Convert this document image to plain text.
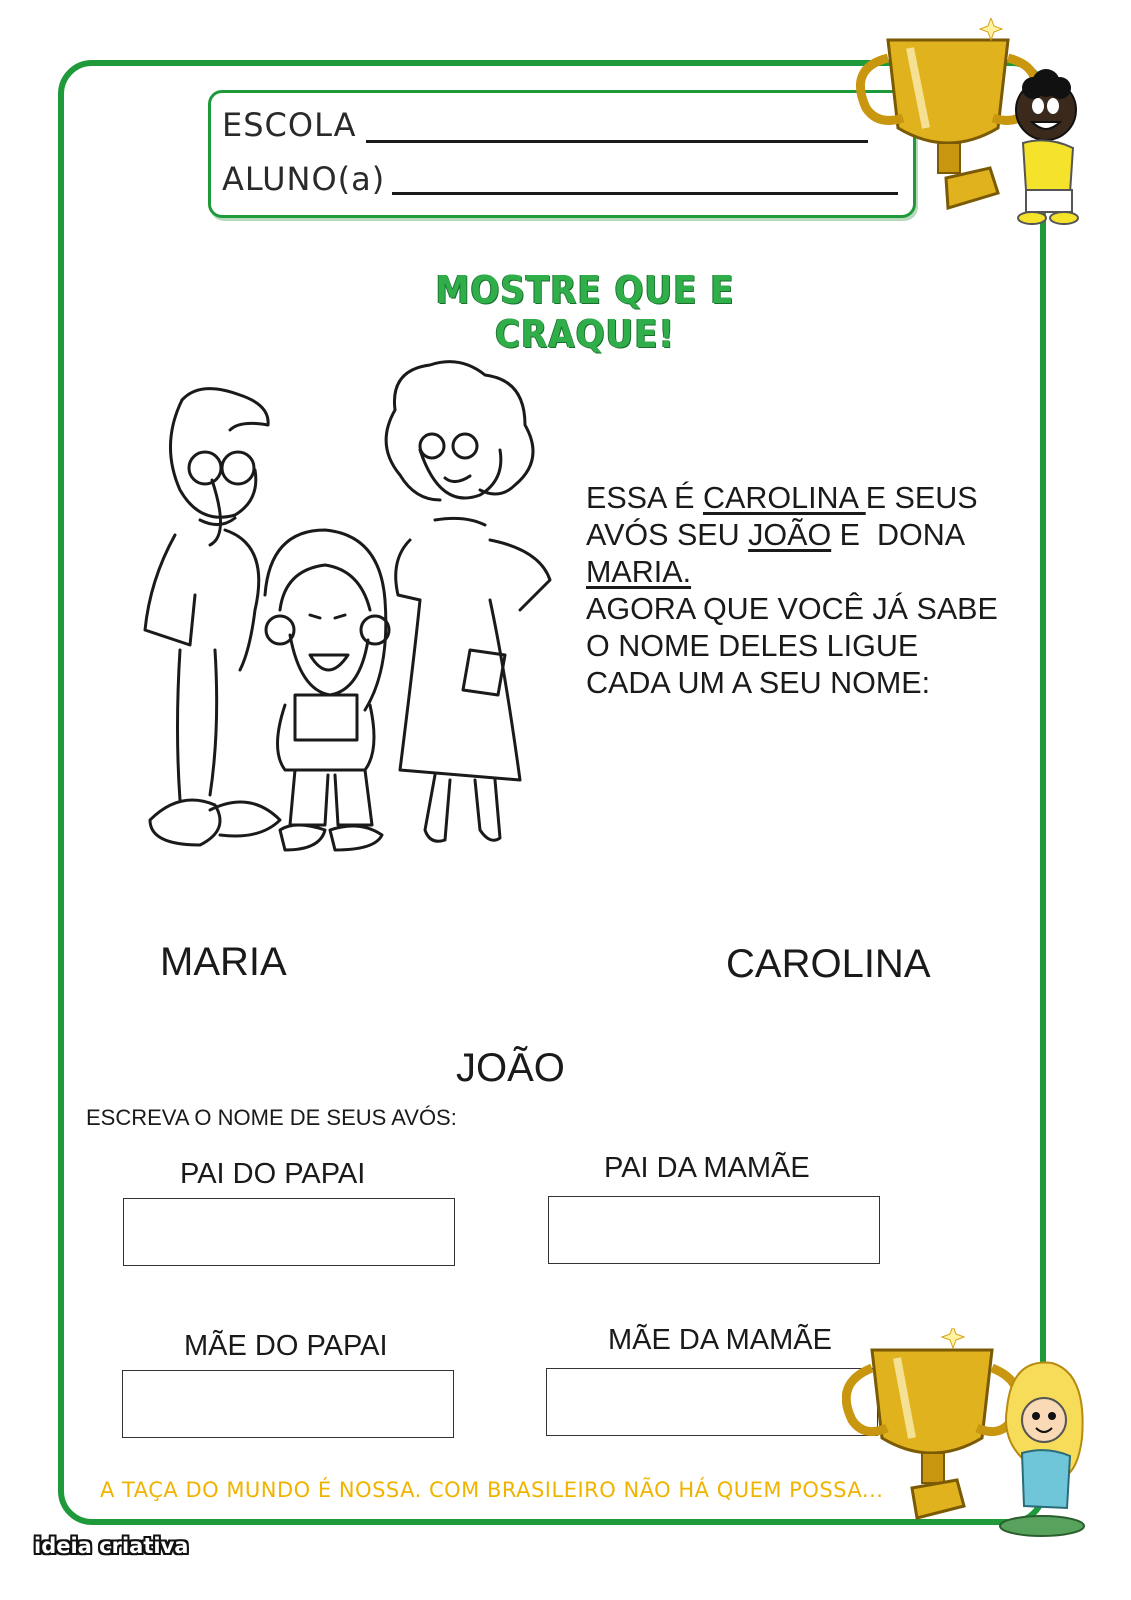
ESCOLA
ALUNO(a)
MOSTRE QUE E CRAQUE!
ESSA É CAROLINA E SEUS
AVÓS SEU JOÃO E  DONA
MARIA.
AGORA QUE VOCÊ JÁ SABE
O NOME DELES LIGUE
CADA UM A SEU NOME:
MARIA	CAROLINA
JOÃO
ESCREVA O NOME DE SEUS AVÓS:
PAI DO PAPAI	PAI DA MAMÃE
MÃE DO PAPAI	MÃE DA MAMÃE
A TAÇA DO MUNDO É NOSSA. COM BRASILEIRO NÃO HÁ QUEM POSSA...
ideia criativa
